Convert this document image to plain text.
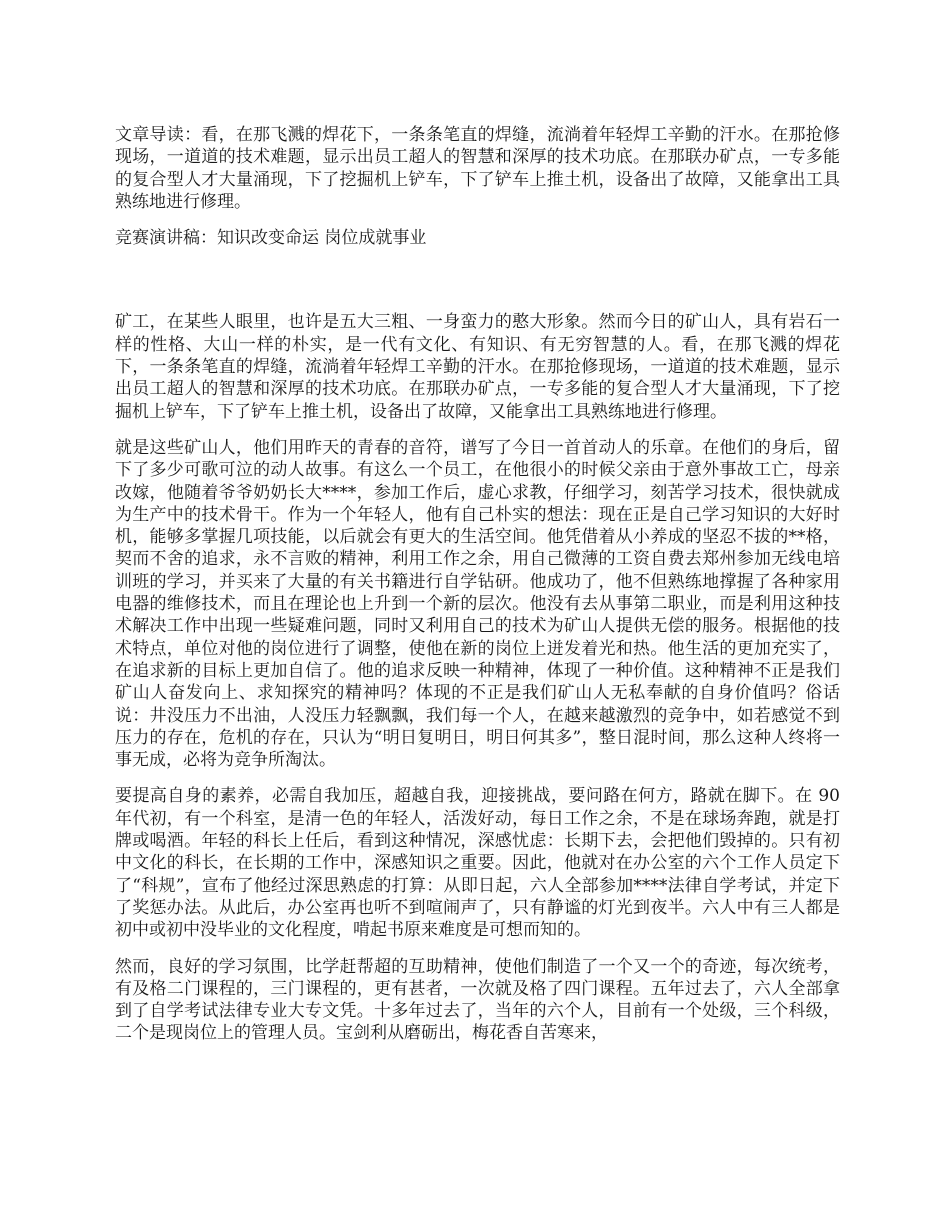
文章导读：看，在那飞溅的焊花下，一条条笔直的焊缝，流淌着年轻焊工辛勤的汗水。在那抢修现场，一道道的技术难题，显示出员工超人的智慧和深厚的技术功底。在那联办矿点，一专多能的复合型人才大量涌现，下了挖掘机上铲车，下了铲车上推土机，设备出了故障，又能拿出工具熟练地进行修理。

竞赛演讲稿：知识改变命运 岗位成就事业

矿工，在某些人眼里，也许是五大三粗、一身蛮力的憨大形象。然而今日的矿山人，具有岩石一样的性格、大山一样的朴实，是一代有文化、有知识、有无穷智慧的人。看，在那飞溅的焊花下，一条条笔直的焊缝，流淌着年轻焊工辛勤的汗水。在那抢修现场，一道道的技术难题，显示出员工超人的智慧和深厚的技术功底。在那联办矿点，一专多能的复合型人才大量涌现，下了挖掘机上铲车，下了铲车上推土机，设备出了故障，又能拿出工具熟练地进行修理。

就是这些矿山人，他们用昨天的青春的音符，谱写了今日一首首动人的乐章。在他们的身后，留下了多少可歌可泣的动人故事。有这么一个员工，在他很小的时候父亲由于意外事故工亡，母亲改嫁，他随着爷爷奶奶长大****，参加工作后，虚心求教，仔细学习，刻苦学习技术，很快就成为生产中的技术骨干。作为一个年轻人，他有自己朴实的想法：现在正是自己学习知识的大好时机，能够多掌握几项技能，以后就会有更大的生活空间。他凭借着从小养成的坚忍不拔的**格，契而不舍的追求，永不言败的精神，利用工作之余，用自己微薄的工资自费去郑州参加无线电培训班的学习，并买来了大量的有关书籍进行自学钻研。他成功了，他不但熟练地撑握了各种家用电器的维修技术，而且在理论也上升到一个新的层次。他没有去从事第二职业，而是利用这种技术解决工作中出现一些疑难问题，同时又利用自己的技术为矿山人提供无偿的服务。根据他的技术特点，单位对他的岗位进行了调整，使他在新的岗位上迸发着光和热。他生活的更加充实了，在追求新的目标上更加自信了。他的追求反映一种精神，体现了一种价值。这种精神不正是我们矿山人奋发向上、求知探究的精神吗？体现的不正是我们矿山人无私奉献的自身价值吗？俗话说：井没压力不出油，人没压力轻飘飘，我们每一个人，在越来越激烈的竞争中，如若感觉不到压力的存在，危机的存在，只认为“明日复明日，明日何其多”，整日混时间，那么这种人终将一事无成，必将为竞争所淘汰。

要提高自身的素养，必需自我加压，超越自我，迎接挑战，要问路在何方，路就在脚下。在 90 年代初，有一个科室，是清一色的年轻人，活泼好动，每日工作之余，不是在球场奔跑，就是打牌或喝酒。年轻的科长上任后，看到这种情况，深感忧虑：长期下去，会把他们毁掉的。只有初中文化的科长，在长期的工作中，深感知识之重要。因此，他就对在办公室的六个工作人员定下了“科规”，宣布了他经过深思熟虑的打算：从即日起，六人全部参加****法律自学考试，并定下了奖惩办法。从此后，办公室再也听不到喧闹声了，只有静谧的灯光到夜半。六人中有三人都是初中或初中没毕业的文化程度，啃起书原来难度是可想而知的。

然而，良好的学习氛围，比学赶帮超的互助精神，使他们制造了一个又一个的奇迹，每次统考，有及格二门课程的，三门课程的，更有甚者，一次就及格了四门课程。五年过去了，六人全部拿到了自学考试法律专业大专文凭。十多年过去了，当年的六个人，目前有一个处级，三个科级，二个是现岗位上的管理人员。宝剑利从磨砺出，梅花香自苦寒来，
